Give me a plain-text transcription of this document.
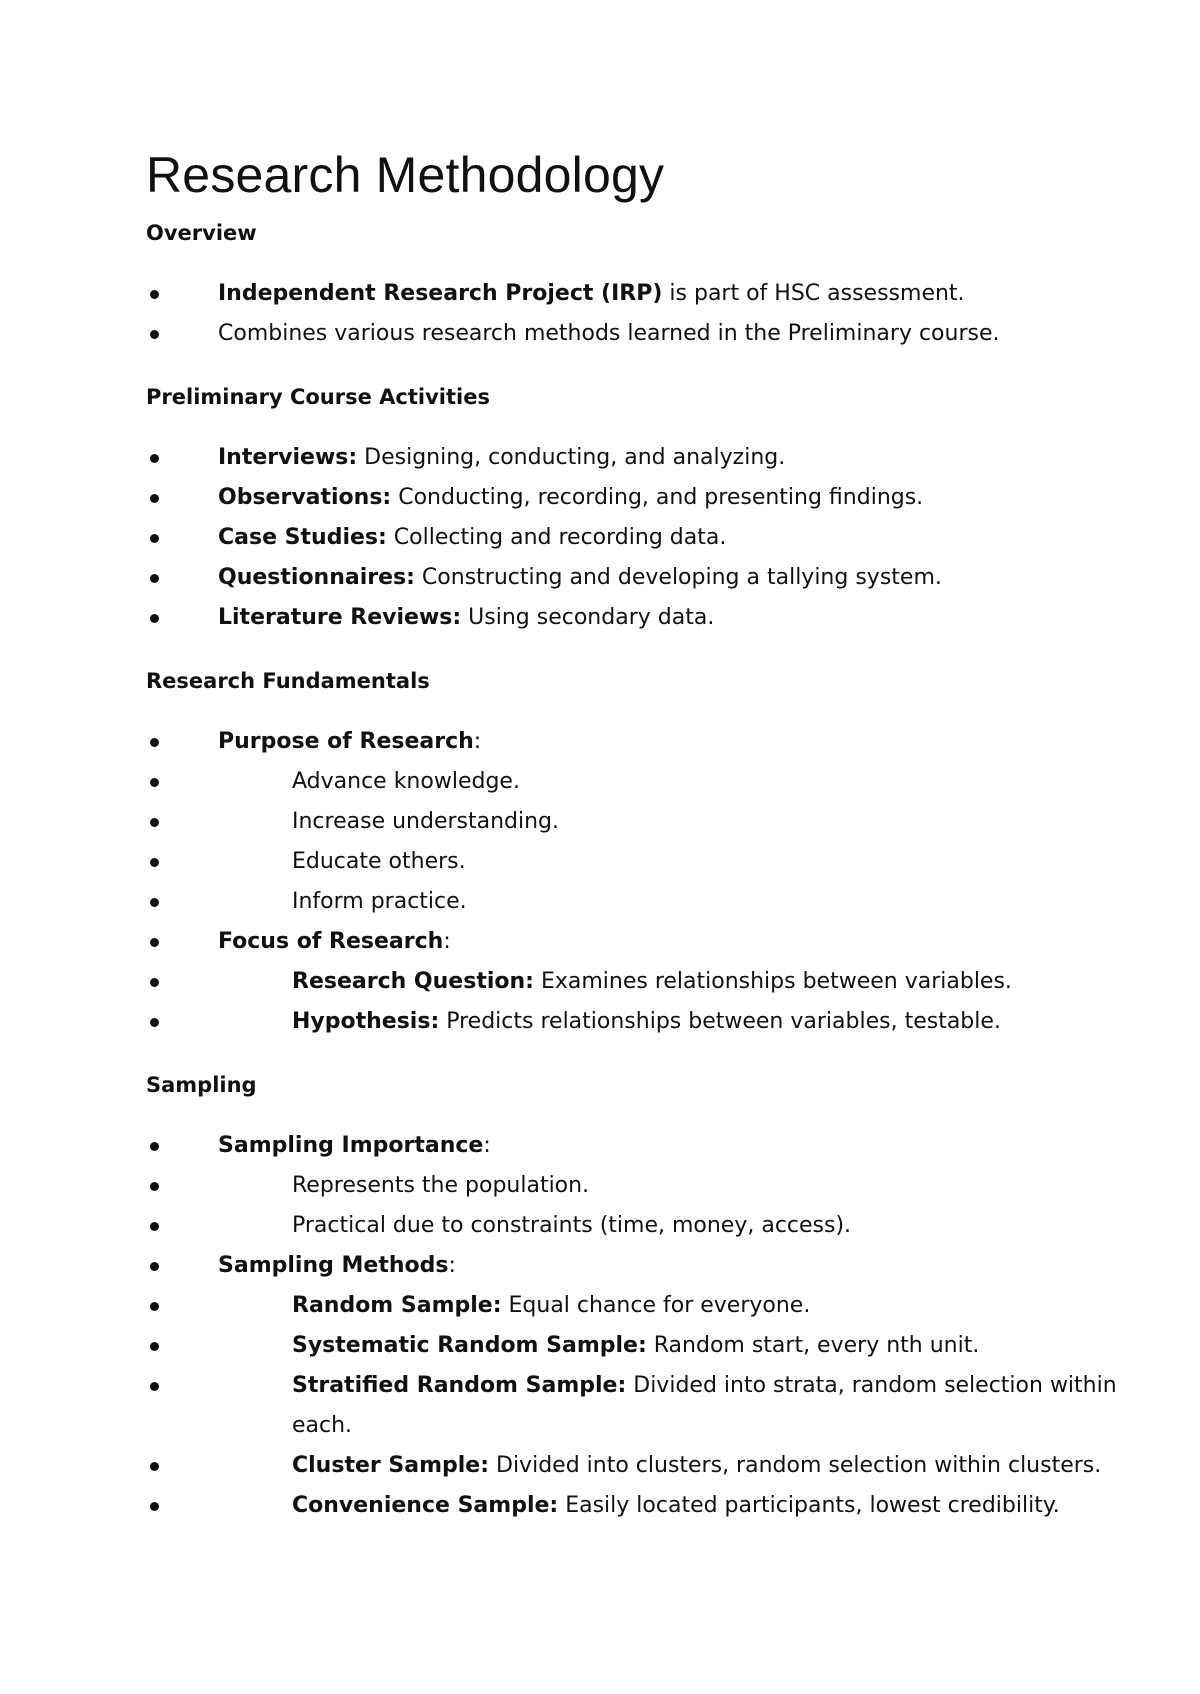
Research Methodology
Overview
Independent Research Project (IRP) is part of HSC assessment.
Combines various research methods learned in the Preliminary course.
Preliminary Course Activities
Interviews: Designing, conducting, and analyzing.
Observations: Conducting, recording, and presenting findings.
Case Studies: Collecting and recording data.
Questionnaires: Constructing and developing a tallying system.
Literature Reviews: Using secondary data.
Research Fundamentals
Purpose of Research:
Advance knowledge.
Increase understanding.
Educate others.
Inform practice.
Focus of Research:
Research Question: Examines relationships between variables.
Hypothesis: Predicts relationships between variables, testable.
Sampling
Sampling Importance:
Represents the population.
Practical due to constraints (time, money, access).
Sampling Methods:
Random Sample: Equal chance for everyone.
Systematic Random Sample: Random start, every nth unit.
Stratified Random Sample: Divided into strata, random selection within each.
Cluster Sample: Divided into clusters, random selection within clusters.
Convenience Sample: Easily located participants, lowest credibility.
